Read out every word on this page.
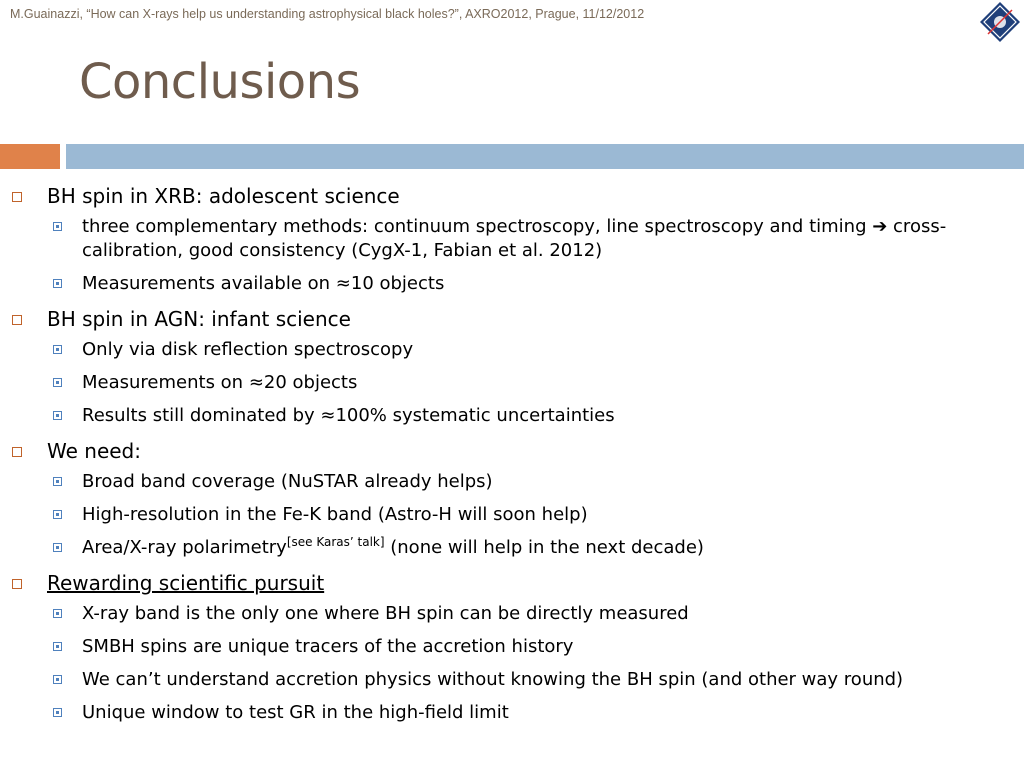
M.Guainazzi, “How can X-rays help us understanding astrophysical black holes?”, AXRO2012, Prague, 11/12/2012
Conclusions
BH spin in XRB: adolescent science
three complementary methods: continuum spectroscopy, line spectroscopy and timing ➔ cross-calibration, good consistency (CygX-1, Fabian et al. 2012)
Measurements available on ≈10 objects
BH spin in AGN: infant science
Only via disk reflection spectroscopy
Measurements on ≈20 objects
Results still dominated by ≈100% systematic uncertainties
We need:
Broad band coverage (NuSTAR already helps)
High-resolution in the Fe-K band (Astro-H will soon help)
Area/X-ray polarimetry[see Karas’ talk] (none will help in the next decade)
Rewarding scientific pursuit
X-ray band is the only one where BH spin can be directly measured
SMBH spins are unique tracers of the accretion history
We can’t understand accretion physics without knowing the BH spin (and other way round)
Unique window to test GR in the high-field limit
